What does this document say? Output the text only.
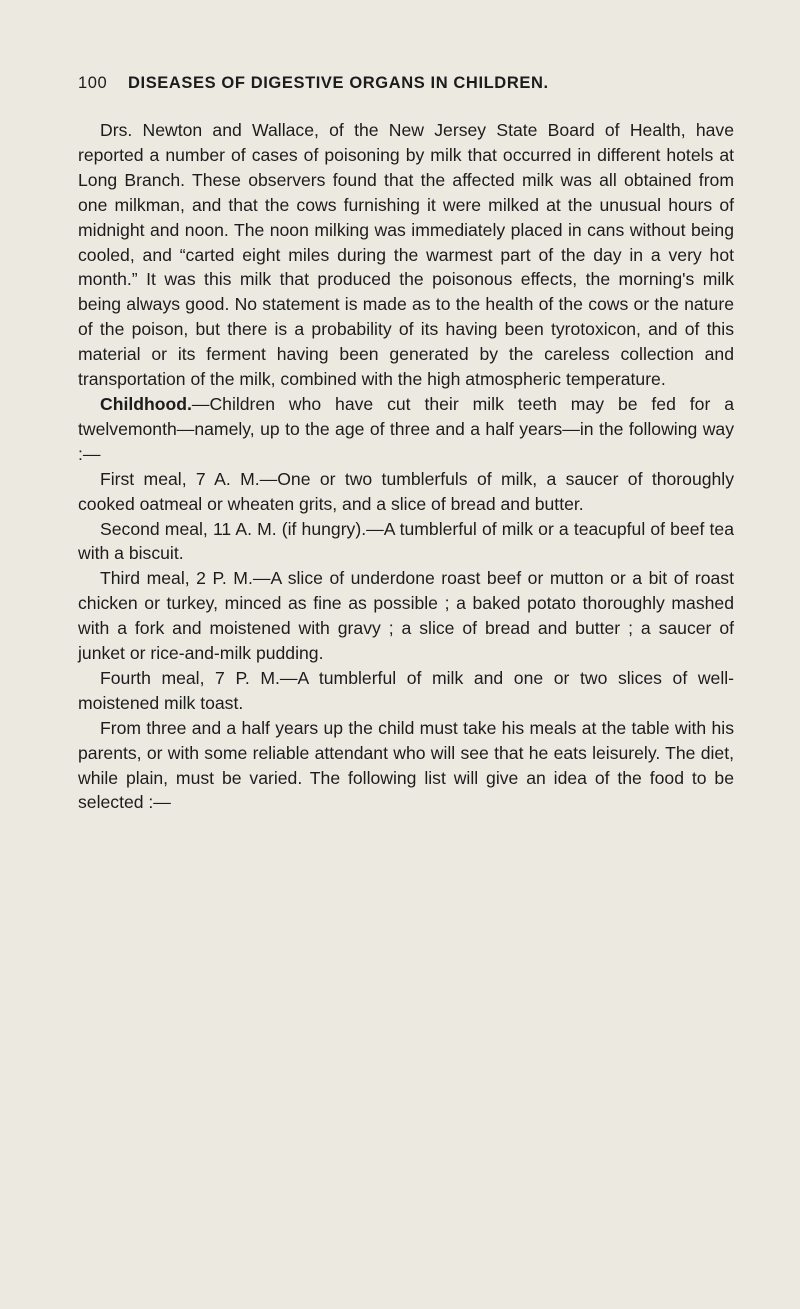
100 DISEASES OF DIGESTIVE ORGANS IN CHILDREN.

Drs. Newton and Wallace, of the New Jersey State Board of Health, have reported a number of cases of poisoning by milk that occurred in different hotels at Long Branch. These observers found that the affected milk was all obtained from one milkman, and that the cows furnishing it were milked at the unusual hours of midnight and noon. The noon milking was immediately placed in cans without being cooled, and “carted eight miles during the warmest part of the day in a very hot month.” It was this milk that produced the poisonous effects, the morning's milk being always good. No statement is made as to the health of the cows or the nature of the poison, but there is a probability of its having been tyrotoxicon, and of this material or its ferment having been generated by the careless collection and transportation of the milk, combined with the high atmospheric temperature.

Childhood.—Children who have cut their milk teeth may be fed for a twelvemonth—namely, up to the age of three and a half years—in the following way :—

First meal, 7 A. M.—One or two tumblerfuls of milk, a saucer of thoroughly cooked oatmeal or wheaten grits, and a slice of bread and butter.

Second meal, 11 A. M. (if hungry).—A tumblerful of milk or a teacupful of beef tea with a biscuit.

Third meal, 2 P. M.—A slice of underdone roast beef or mutton or a bit of roast chicken or turkey, minced as fine as possible ; a baked potato thoroughly mashed with a fork and moistened with gravy ; a slice of bread and butter ; a saucer of junket or rice-and-milk pudding.

Fourth meal, 7 P. M.—A tumblerful of milk and one or two slices of well-moistened milk toast.

From three and a half years up the child must take his meals at the table with his parents, or with some reliable attendant who will see that he eats leisurely. The diet, while plain, must be varied. The following list will give an idea of the food to be selected :—
